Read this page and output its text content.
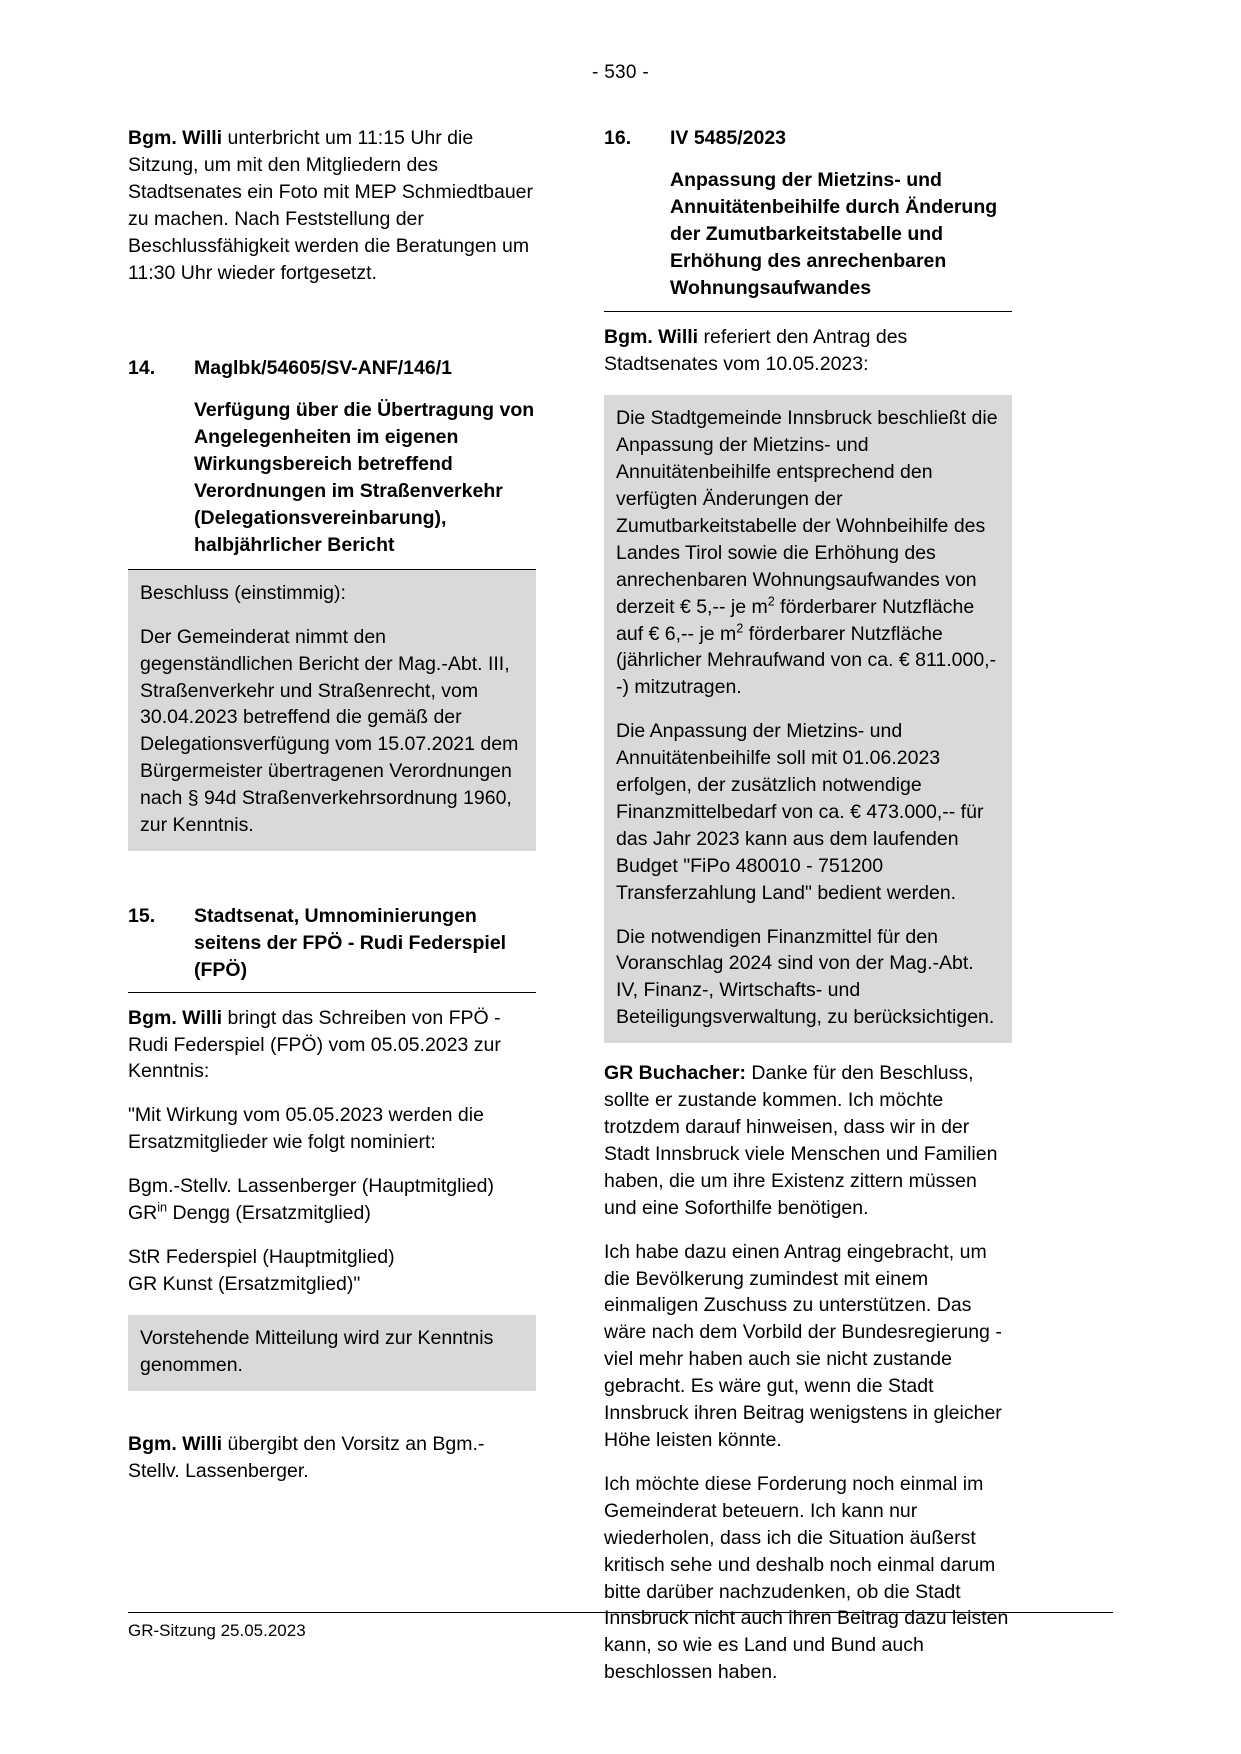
- 530 -

Bgm. Willi unterbricht um 11:15 Uhr die Sitzung, um mit den Mitgliedern des Stadtsenates ein Foto mit MEP Schmiedtbauer zu machen. Nach Feststellung der Beschlussfähigkeit werden die Beratungen um 11:30 Uhr wieder fortgesetzt.

14.	Maglbk/54605/SV-ANF/146/1
Verfügung über die Übertragung von Angelegenheiten im eigenen Wirkungsbereich betreffend Verordnungen im Straßenverkehr (Delegationsvereinbarung), halbjährlicher Bericht

Beschluss (einstimmig):

Der Gemeinderat nimmt den gegenständlichen Bericht der Mag.-Abt. III, Straßenverkehr und Straßenrecht, vom 30.04.2023 betreffend die gemäß der Delegationsverfügung vom 15.07.2021 dem Bürgermeister übertragenen Verordnungen nach § 94d Straßenverkehrsordnung 1960, zur Kenntnis.

15.	Stadtsenat, Umnominierungen seitens der FPÖ - Rudi Federspiel (FPÖ)

Bgm. Willi bringt das Schreiben von FPÖ - Rudi Federspiel (FPÖ) vom 05.05.2023 zur Kenntnis:

"Mit Wirkung vom 05.05.2023 werden die Ersatzmitglieder wie folgt nominiert:

Bgm.-Stellv. Lassenberger (Hauptmitglied)
$GR^{in}$ Dengg (Ersatzmitglied)

StR Federspiel (Hauptmitglied)
GR Kunst (Ersatzmitglied)"

Vorstehende Mitteilung wird zur Kenntnis genommen.

Bgm. Willi übergibt den Vorsitz an Bgm.-Stellv. Lassenberger.

16.	IV 5485/2023
Anpassung der Mietzins- und Annuitätenbeihilfe durch Änderung der Zumutbarkeitstabelle und Erhöhung des anrechenbaren Wohnungsaufwandes

Bgm. Willi referiert den Antrag des Stadtsenates vom 10.05.2023:

Die Stadtgemeinde Innsbruck beschließt die Anpassung der Mietzins- und Annuitätenbeihilfe entsprechend den verfügten Änderungen der Zumutbarkeitstabelle der Wohnbeihilfe des Landes Tirol sowie die Erhöhung des anrechenbaren Wohnungsaufwandes von derzeit € 5,-- je $m^2$ förderbarer Nutzfläche auf € 6,-- je $m^2$ förderbarer Nutzfläche (jährlicher Mehraufwand von ca. € 811.000,--) mitzutragen.

Die Anpassung der Mietzins- und Annuitätenbeihilfe soll mit 01.06.2023 erfolgen, der zusätzlich notwendige Finanzmittelbedarf von ca. € 473.000,-- für das Jahr 2023 kann aus dem laufenden Budget "FiPo 480010 - 751200 Transferzahlung Land" bedient werden.

Die notwendigen Finanzmittel für den Voranschlag 2024 sind von der Mag.-Abt. IV, Finanz-, Wirtschafts- und Beteiligungsverwaltung, zu berücksichtigen.

GR Buchacher: Danke für den Beschluss, sollte er zustande kommen. Ich möchte trotzdem darauf hinweisen, dass wir in der Stadt Innsbruck viele Menschen und Familien haben, die um ihre Existenz zittern müssen und eine Soforthilfe benötigen.

Ich habe dazu einen Antrag eingebracht, um die Bevölkerung zumindest mit einem einmaligen Zuschuss zu unterstützen. Das wäre nach dem Vorbild der Bundesregierung - viel mehr haben auch sie nicht zustande gebracht. Es wäre gut, wenn die Stadt Innsbruck ihren Beitrag wenigstens in gleicher Höhe leisten könnte.

Ich möchte diese Forderung noch einmal im Gemeinderat beteuern. Ich kann nur wiederholen, dass ich die Situation äußerst kritisch sehe und deshalb noch einmal darum bitte darüber nachzudenken, ob die Stadt Innsbruck nicht auch ihren Beitrag dazu leisten kann, so wie es Land und Bund auch beschlossen haben.

GR-Sitzung 25.05.2023
